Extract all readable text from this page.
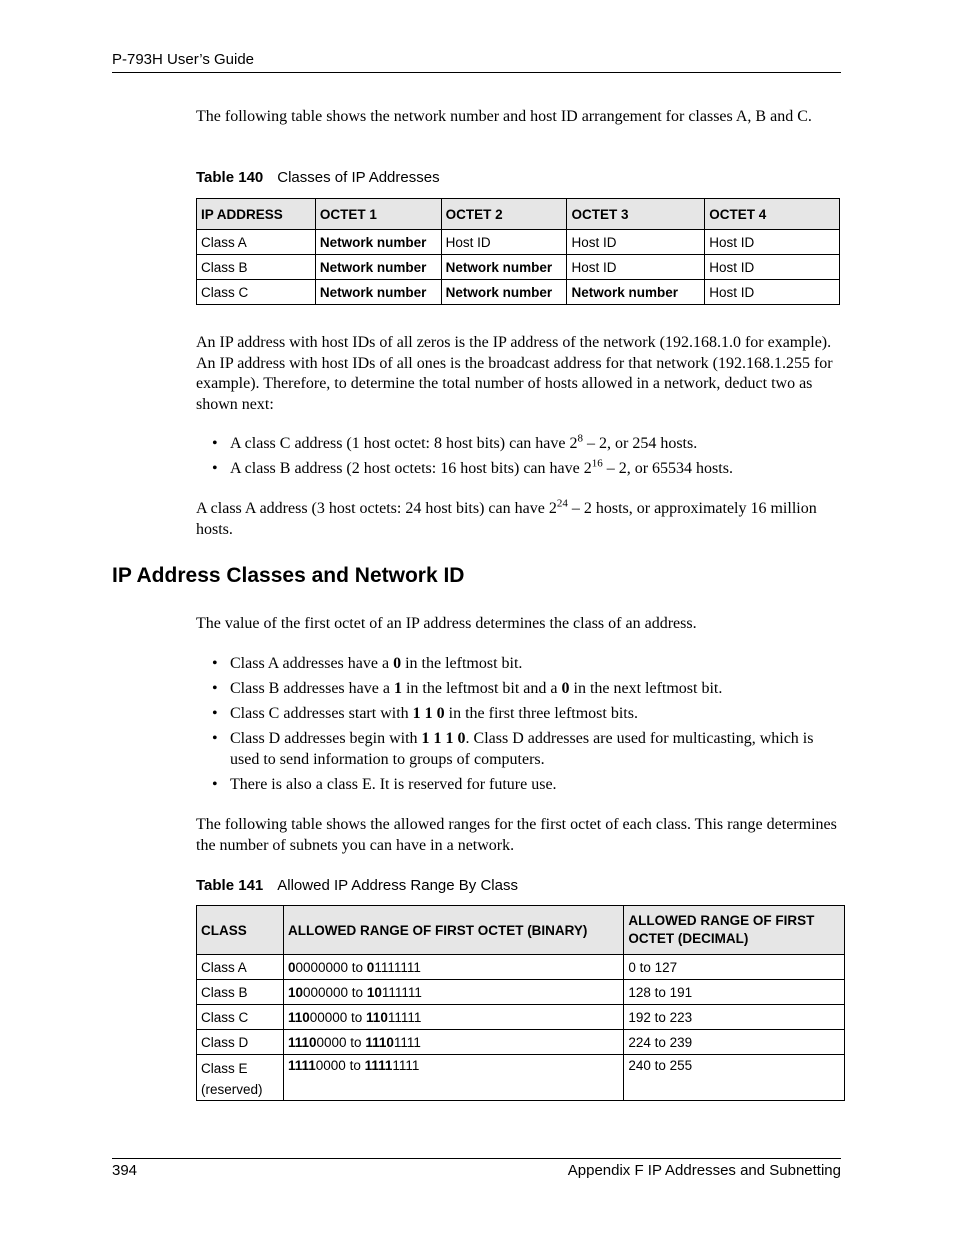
P-793H User’s Guide
The following table shows the network number and host ID arrangement for classes A, B and C.
Table 140 Classes of IP Addresses
IP ADDRESS	OCTET 1	OCTET 2	OCTET 3	OCTET 4
Class A	Network number	Host ID	Host ID	Host ID
Class B	Network number	Network number	Host ID	Host ID
Class C	Network number	Network number	Network number	Host ID
An IP address with host IDs of all zeros is the IP address of the network (192.168.1.0 for example). An IP address with host IDs of all ones is the broadcast address for that network (192.168.1.255 for example). Therefore, to determine the total number of hosts allowed in a network, deduct two as shown next:
• A class C address (1 host octet: 8 host bits) can have $2^8 - 2$, or 254 hosts.
• A class B address (2 host octets: 16 host bits) can have $2^{16} - 2$, or 65534 hosts.
A class A address (3 host octets: 24 host bits) can have $2^{24} - 2$ hosts, or approximately 16 million hosts.
IP Address Classes and Network ID
The value of the first octet of an IP address determines the class of an address.
• Class A addresses have a 0 in the leftmost bit.
• Class B addresses have a 1 in the leftmost bit and a 0 in the next leftmost bit.
• Class C addresses start with 1 1 0 in the first three leftmost bits.
• Class D addresses begin with 1 1 1 0. Class D addresses are used for multicasting, which is used to send information to groups of computers.
• There is also a class E. It is reserved for future use.
The following table shows the allowed ranges for the first octet of each class. This range determines the number of subnets you can have in a network.
Table 141 Allowed IP Address Range By Class
CLASS	ALLOWED RANGE OF FIRST OCTET (BINARY)	ALLOWED RANGE OF FIRST OCTET (DECIMAL)
Class A	00000000 to 01111111	0 to 127
Class B	10000000 to 10111111	128 to 191
Class C	11000000 to 11011111	192 to 223
Class D	11100000 to 11101111	224 to 239
Class E (reserved)	11110000 to 11111111	240 to 255
394	Appendix F IP Addresses and Subnetting
